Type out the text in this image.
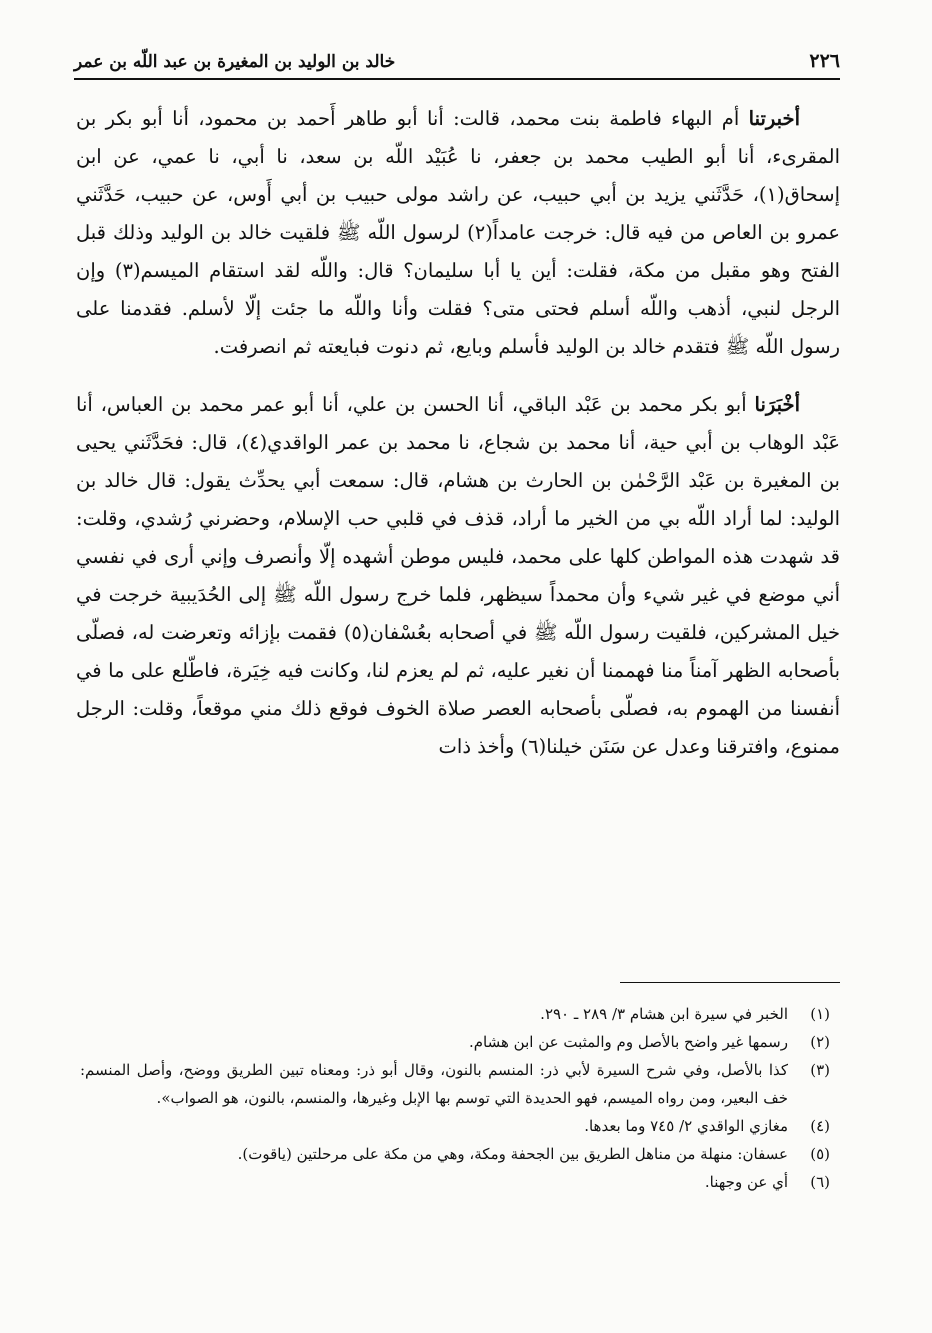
٢٢٦
خالد بن الوليد بن المغيرة بن عبد اللّه بن عمر

أخبرتنا أم البهاء فاطمة بنت محمد، قالت: أنا أبو طاهر أَحمد بن محمود، أنا أبو بكر بن المقرىء، أنا أبو الطيب محمد بن جعفر، نا عُبَيْد اللّه بن سعد، نا أبي، نا عمي، عن ابن إسحاق(١)، حَدَّثَني يزيد بن أبي حبيب، عن راشد مولى حبيب بن أبي أَوس، عن حبيب، حَدَّثَني عمرو بن العاص من فيه قال: خرجت عامداً(٢) لرسول اللّه ﷺ فلقيت خالد بن الوليد وذلك قبل الفتح وهو مقبل من مكة، فقلت: أين يا أبا سليمان؟ قال: واللّه لقد استقام الميسم(٣) وإن الرجل لنبي، أذهب واللّه أسلم فحتى متى؟ فقلت وأنا واللّه ما جئت إلّا لأسلم. فقدمنا على رسول اللّه ﷺ فتقدم خالد بن الوليد فأسلم وبايع، ثم دنوت فبايعته ثم انصرفت.

أخْبَرَنا أبو بكر محمد بن عَبْد الباقي، أنا الحسن بن علي، أنا أبو عمر محمد بن العباس، أنا عَبْد الوهاب بن أبي حية، أنا محمد بن شجاع، نا محمد بن عمر الواقدي(٤)، قال: فحَدَّثَني يحيى بن المغيرة بن عَبْد الرَّحْمٰن بن الحارث بن هشام، قال: سمعت أبي يحدِّث يقول: قال خالد بن الوليد: لما أراد اللّه بي من الخير ما أراد، قذف في قلبي حب الإسلام، وحضرني رُشدي، وقلت: قد شهدت هذه المواطن كلها على محمد، فليس موطن أشهده إلّا وأنصرف وإني أرى في نفسي أني موضع في غير شيء وأن محمداً سيظهر، فلما خرج رسول اللّه ﷺ إلى الحُدَيبية خرجت في خيل المشركين، فلقيت رسول اللّه ﷺ في أصحابه بعُسْفان(٥) فقمت بإزائه وتعرضت له، فصلّى بأصحابه الظهر آمناً منا فهممنا أن نغير عليه، ثم لم يعزم لنا، وكانت فيه خِيَرة، فاطّلع على ما في أنفسنا من الهموم به، فصلّى بأصحابه العصر صلاة الخوف فوقع ذلك مني موقعاً، وقلت: الرجل ممنوع، وافترقنا وعدل عن سَنَن خيلنا(٦) وأخذ ذات

(١)
الخبر في سيرة ابن هشام ٣/ ٢٨٩ ـ ٢٩٠.
(٢)
رسمها غير واضح بالأصل وم والمثبت عن ابن هشام.
(٣)
كذا بالأصل، وفي شرح السيرة لأبي ذر: المنسم بالنون، وقال أبو ذر: ومعناه تبين الطريق ووضح، وأصل المنسم: خف البعير، ومن رواه الميسم، فهو الحديدة التي توسم بها الإبل وغيرها، والمنسم، بالنون، هو الصواب».
(٤)
مغازي الواقدي ٢/ ٧٤٥ وما بعدها.
(٥)
عسفان: منهلة من مناهل الطريق بين الجحفة ومكة، وهي من مكة على مرحلتين (ياقوت).
(٦)
أي عن وجهنا.
